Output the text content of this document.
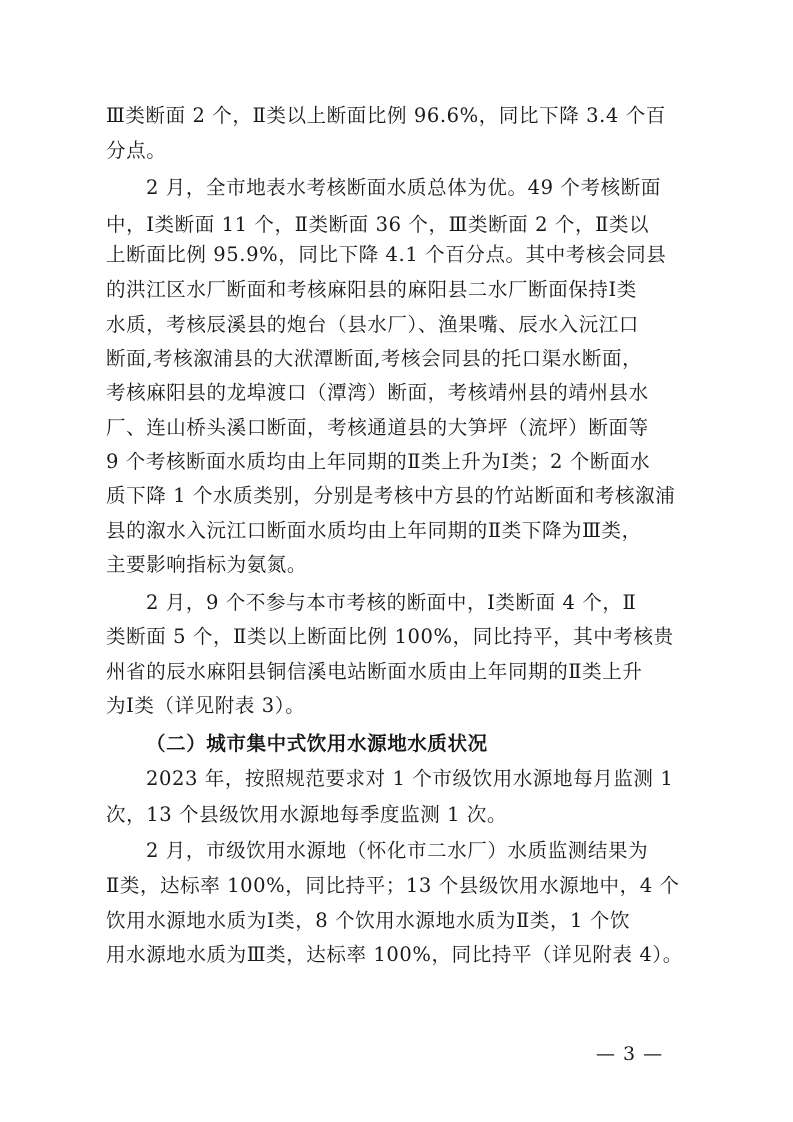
Ⅲ类断面 2 个，Ⅱ类以上断面比例 96.6%，同比下降 3.4 个百
分点。
2 月，全市地表水考核断面水质总体为优。49 个考核断面
中，Ⅰ类断面 11 个，Ⅱ类断面 36 个，Ⅲ类断面 2 个，Ⅱ类以
上断面比例 95.9%，同比下降 4.1 个百分点。其中考核会同县
的洪江区水厂断面和考核麻阳县的麻阳县二水厂断面保持Ⅰ类
水质，考核辰溪县的炮台（县水厂）、渔果嘴、辰水入沅江口
断面,考核溆浦县的大洑潭断面,考核会同县的托口渠水断面，
考核麻阳县的龙埠渡口（潭湾）断面，考核靖州县的靖州县水
厂、连山桥头溪口断面，考核通道县的大笋坪（流坪）断面等
9 个考核断面水质均由上年同期的Ⅱ类上升为Ⅰ类；2 个断面水
质下降 1 个水质类别，分别是考核中方县的竹站断面和考核溆浦
县的溆水入沅江口断面水质均由上年同期的Ⅱ类下降为Ⅲ类，
主要影响指标为氨氮。
2 月，9 个不参与本市考核的断面中，Ⅰ类断面 4 个，Ⅱ
类断面 5 个，Ⅱ类以上断面比例 100%，同比持平，其中考核贵
州省的辰水麻阳县铜信溪电站断面水质由上年同期的Ⅱ类上升
为Ⅰ类（详见附表 3）。
（二）城市集中式饮用水源地水质状况
2023 年，按照规范要求对 1 个市级饮用水源地每月监测 1
次，13 个县级饮用水源地每季度监测 1 次。
2 月，市级饮用水源地（怀化市二水厂）水质监测结果为
Ⅱ类，达标率 100%，同比持平；13 个县级饮用水源地中，4 个
饮用水源地水质为Ⅰ类，8 个饮用水源地水质为Ⅱ类，1 个饮
用水源地水质为Ⅲ类，达标率 100%，同比持平（详见附表 4）。
— 3 —
